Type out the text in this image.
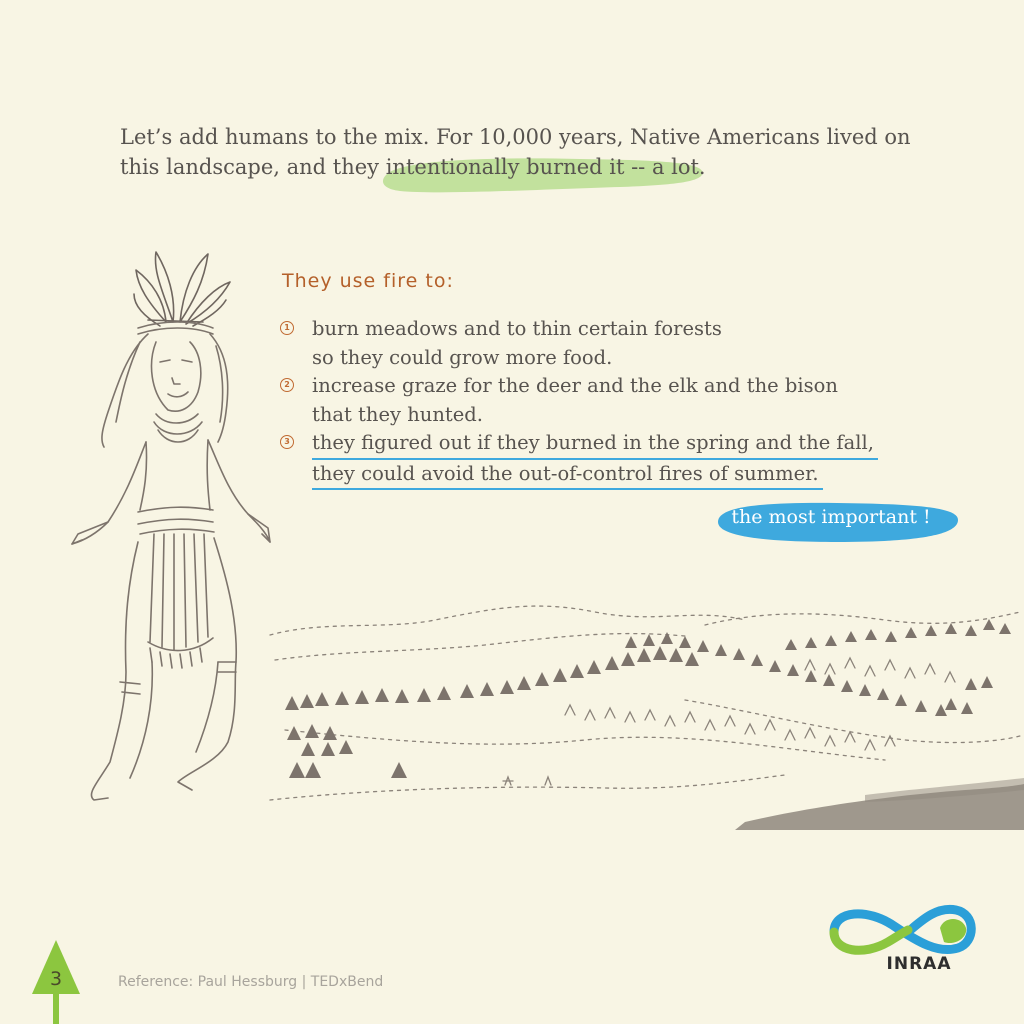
Let’s add humans to the mix. For 10,000 years, Native Americans lived on this landscape, and they intentionally burned it -- a lot.
They use fire to:
1 burn meadows and to thin certain forests
so they could grow more food.
2 increase graze for the deer and the elk and the bison
that they hunted.
3 they figured out if they burned in the spring and the fall,
they could avoid the out-of-control fires of summer.
the most important !
3	Reference: Paul Hessburg | TEDxBend
INRAA
